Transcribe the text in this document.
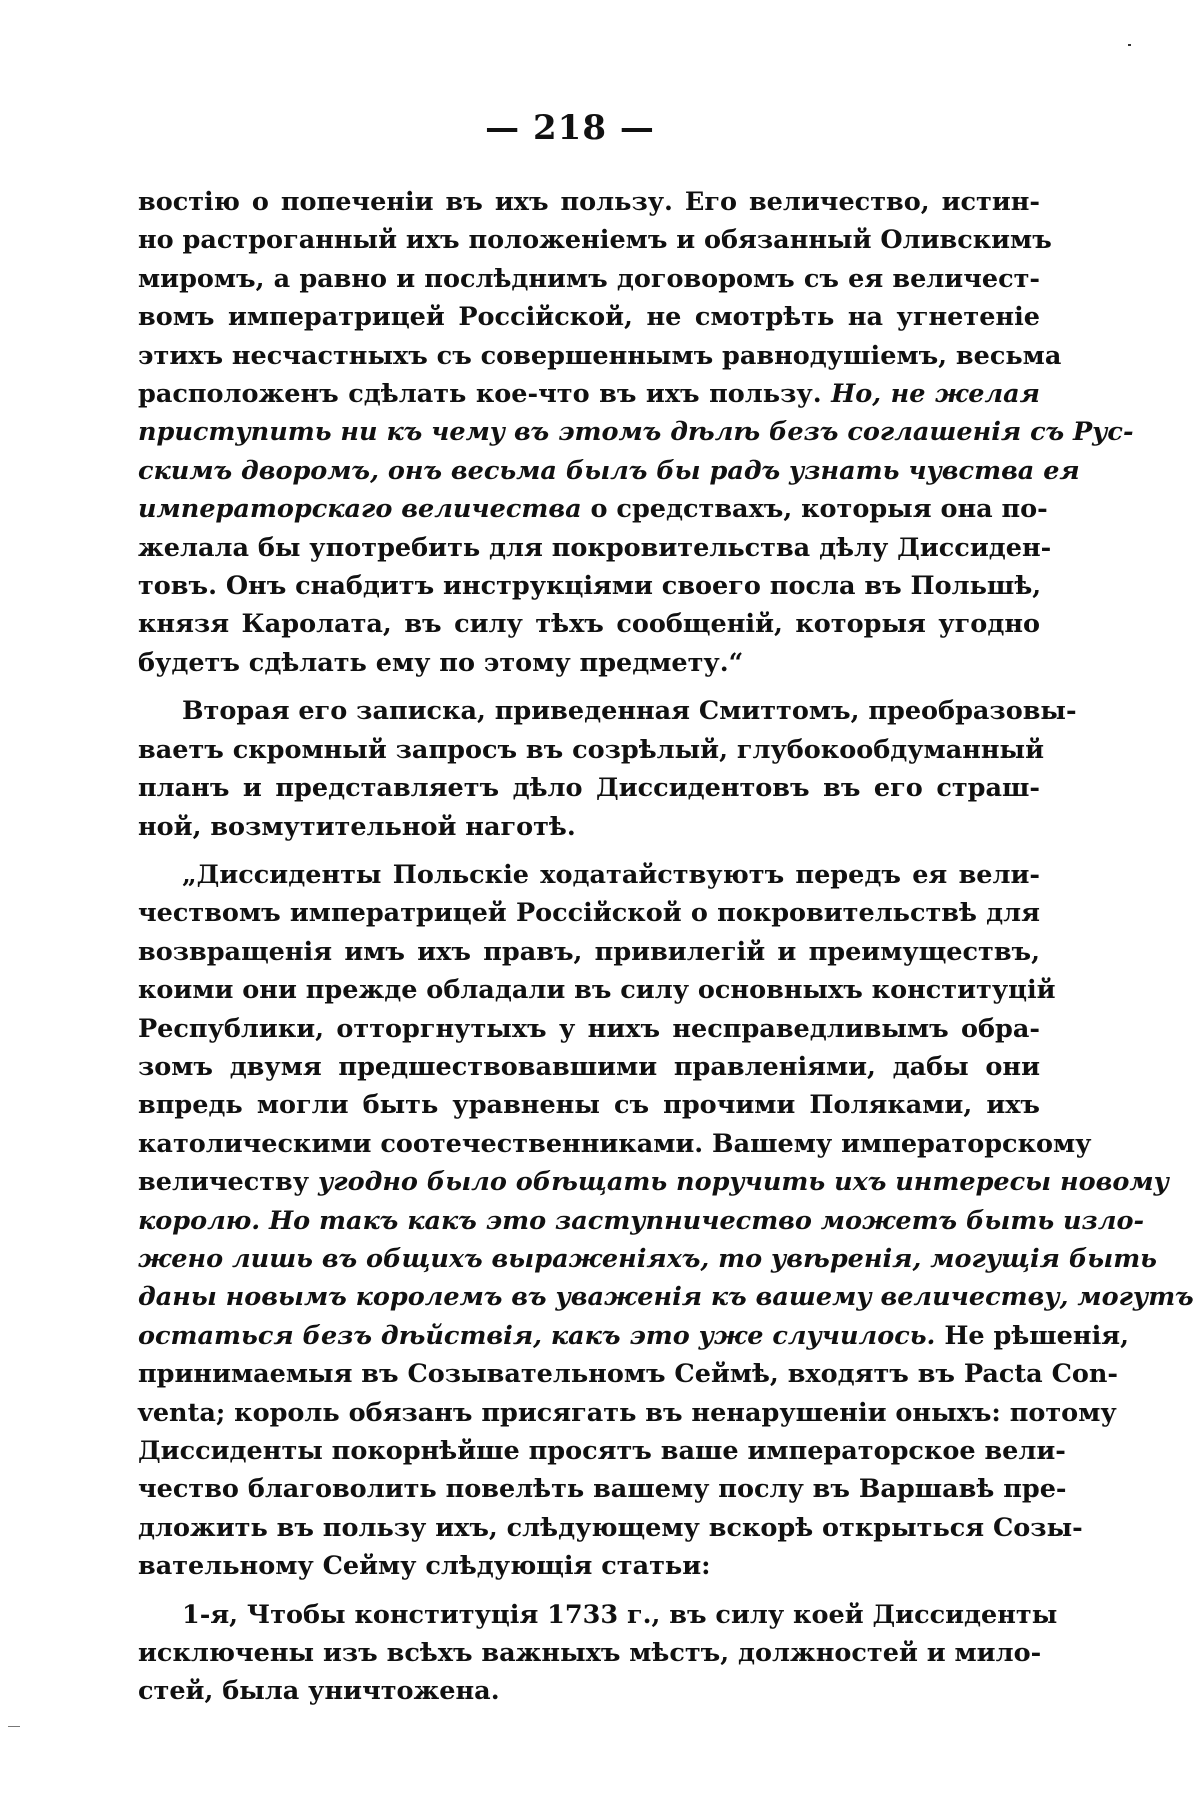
— 218 —
востію о попеченіи въ ихъ пользу. Его величество, истин-
но растроганный ихъ положеніемъ и обязанный Оливскимъ
миромъ, а равно и послѣднимъ договоромъ съ ея величест-
вомъ императрицей Россійской, не смотрѣть на угнетеніе
этихъ несчастныхъ съ совершеннымъ равнодушіемъ, весьма
расположенъ сдѣлать кое-что въ ихъ пользу. Но, не желая
приступить ни къ чему въ этомъ дѣлѣ безъ соглашенія съ Рус-
скимъ дворомъ, онъ весьма былъ бы радъ узнать чувства ея
императорскаго величества о средствахъ, которыя она по-
желала бы употребить для покровительства дѣлу Диссиден-
товъ. Онъ снабдитъ инструкціями своего посла въ Польшѣ,
князя Каролата, въ силу тѣхъ сообщеній, которыя угодно
будетъ сдѣлать ему по этому предмету.“
Вторая его записка, приведенная Смиттомъ, преобразовы-
ваетъ скромный запросъ въ созрѣлый, глубокообдуманный
планъ и представляетъ дѣло Диссидентовъ въ его страш-
ной, возмутительной наготѣ.
„Диссиденты Польскіе ходатайствуютъ передъ ея вели-
чествомъ императрицей Россійской о покровительствѣ для
возвращенія имъ ихъ правъ, привилегій и преимуществъ,
коими они прежде обладали въ силу основныхъ конституцій
Республики, отторгнутыхъ у нихъ несправедливымъ обра-
зомъ двумя предшествовавшими правленіями, дабы они
впредь могли быть уравнены съ прочими Поляками, ихъ
католическими соотечественниками. Вашему императорскому
величеству угодно было обѣщать поручить ихъ интересы новому
королю. Но такъ какъ это заступничество можетъ быть изло-
жено лишь въ общихъ выраженіяхъ, то увѣренія, могущія быть
даны новымъ королемъ въ уваженія къ вашему величеству, могутъ
остаться безъ дѣйствія, какъ это уже случилось. Не рѣшенія,
принимаемыя въ Созывательномъ Сеймѣ, входятъ въ Pacta Con-
venta; король обязанъ присягать въ ненарушеніи оныхъ: потому
Диссиденты покорнѣйше просятъ ваше императорское вели-
чество благоволить повелѣть вашему послу въ Варшавѣ пре-
дложить въ пользу ихъ, слѣдующему вскорѣ открыться Созы-
вательному Сейму слѣдующія статьи:
1-я, Чтобы конституція 1733 г., въ силу коей Диссиденты
исключены изъ всѣхъ важныхъ мѣстъ, должностей и мило-
стей, была уничтожена.
